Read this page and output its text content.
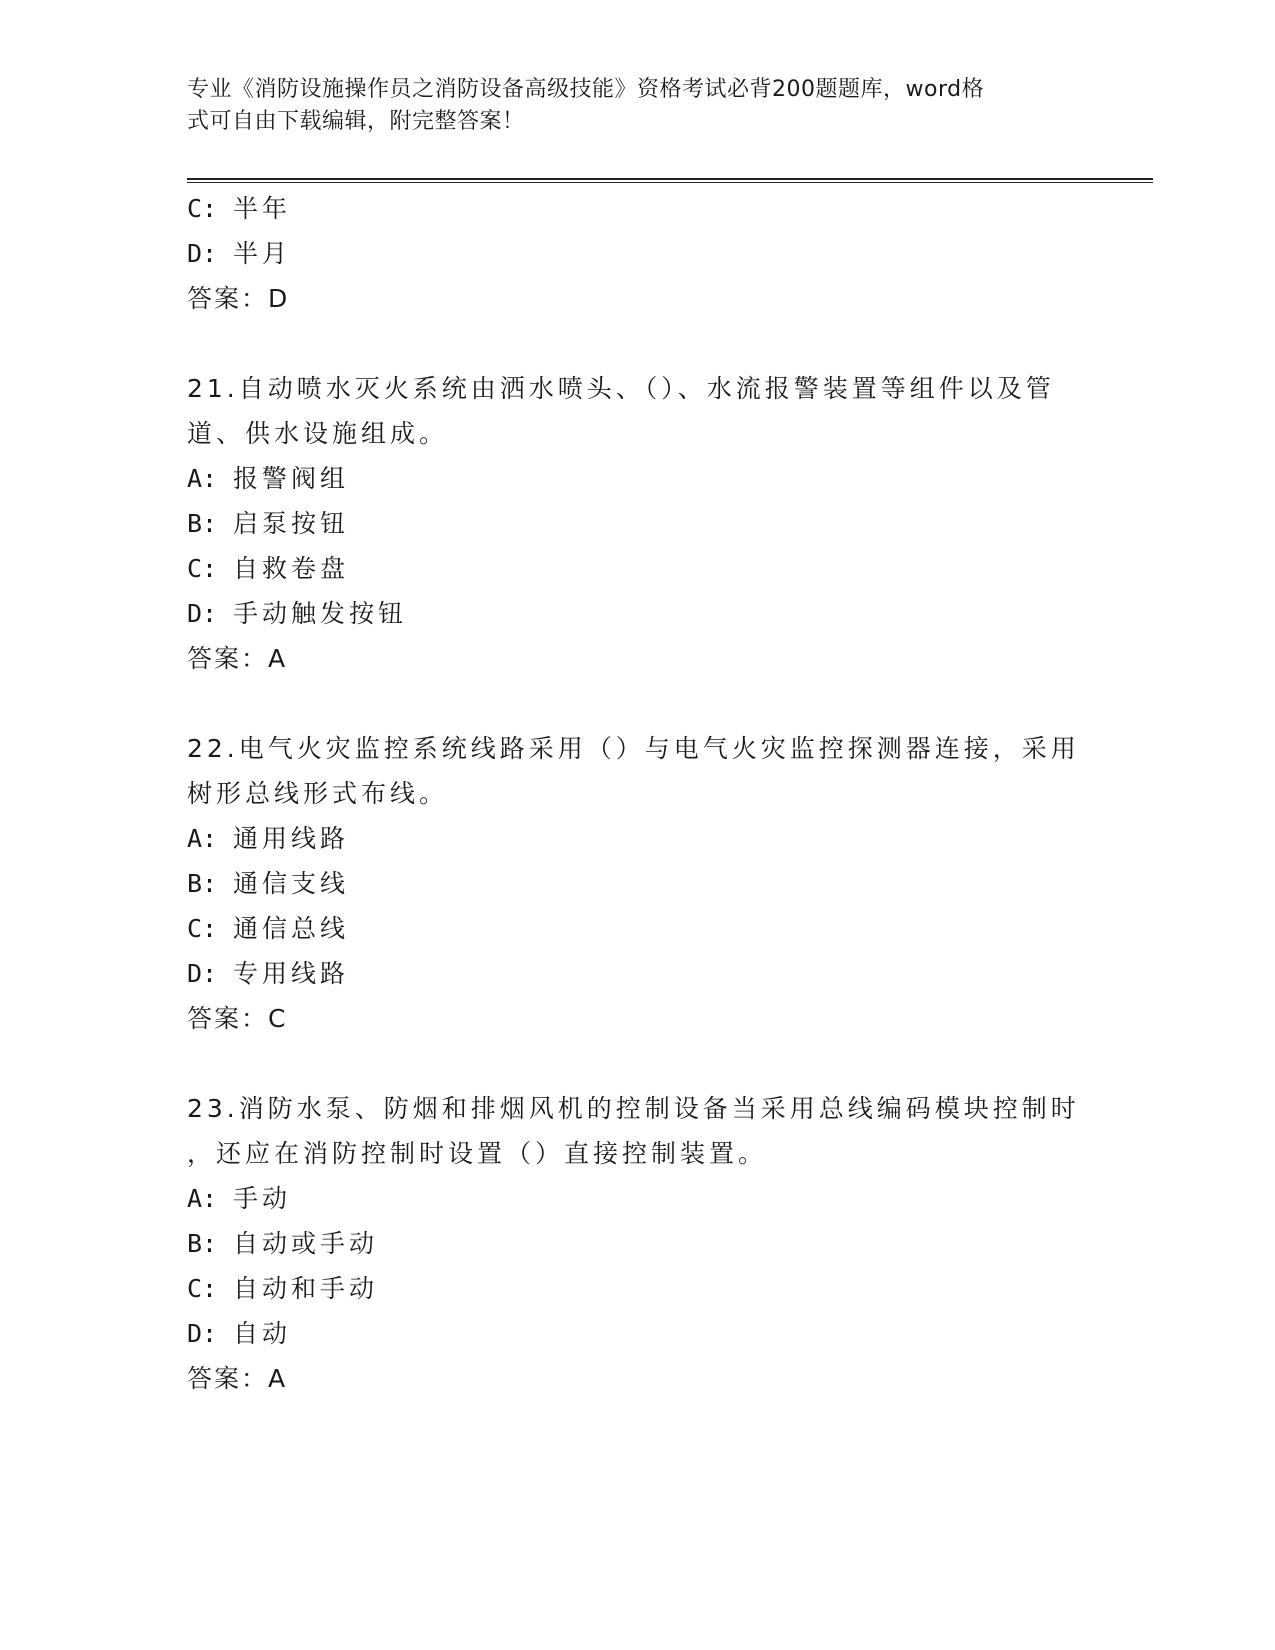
专业《消防设施操作员之消防设备高级技能》资格考试必背200题题库，word格
式可自由下载编辑，附完整答案！
C: 半年
D: 半月
答案：D
21.自动喷水灭火系统由洒水喷头、（）、水流报警装置等组件以及管
道、供水设施组成。
A: 报警阀组
B: 启泵按钮
C: 自救卷盘
D: 手动触发按钮
答案：A
22.电气火灾监控系统线路采用（）与电气火灾监控探测器连接，采用
树形总线形式布线。
A: 通用线路
B: 通信支线
C: 通信总线
D: 专用线路
答案：C
23.消防水泵、防烟和排烟风机的控制设备当采用总线编码模块控制时
，还应在消防控制时设置（）直接控制装置。
A: 手动
B: 自动或手动
C: 自动和手动
D: 自动
答案：A
